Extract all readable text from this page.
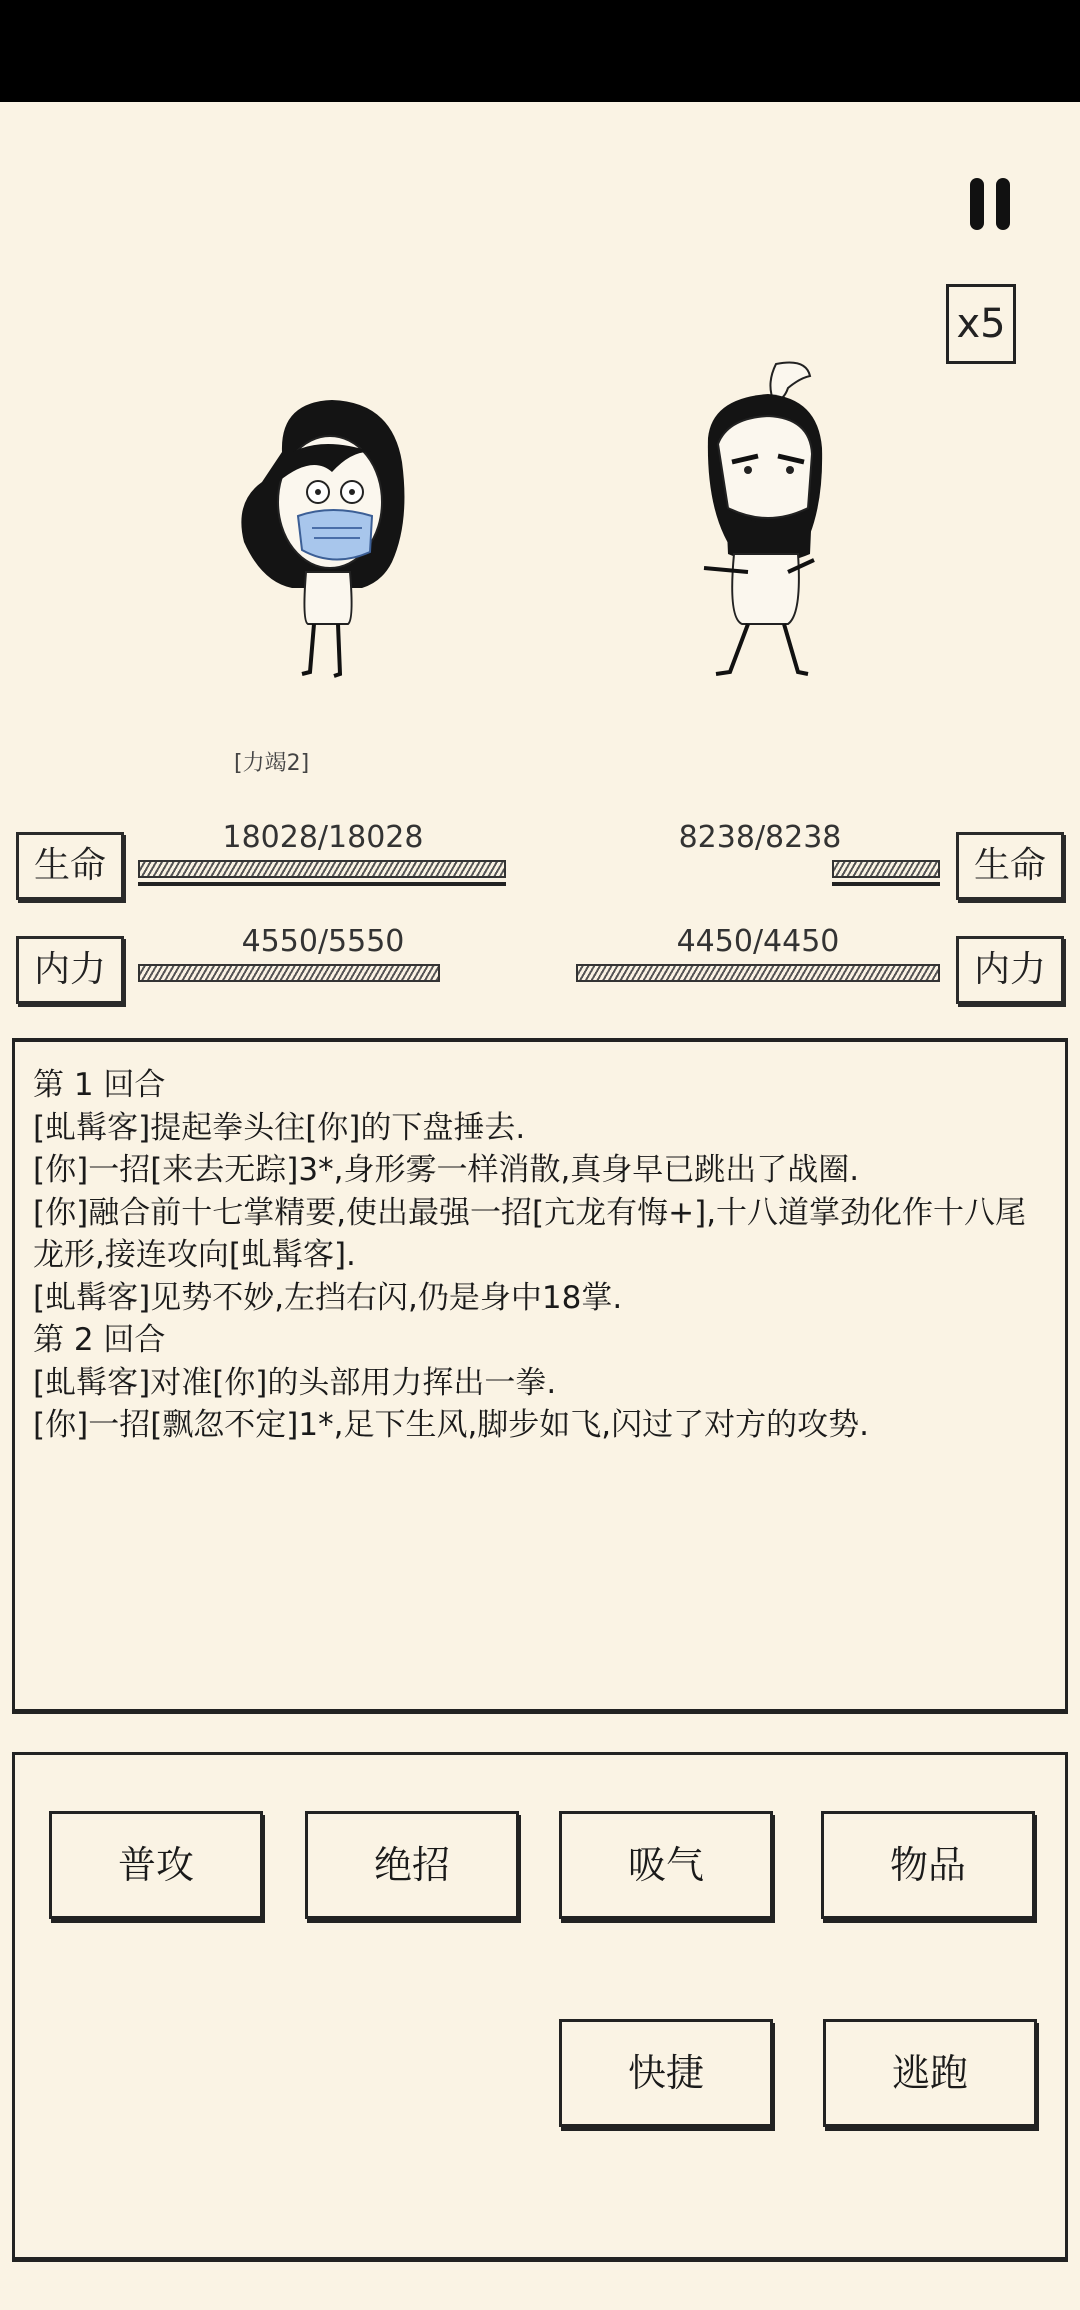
x5
[力竭2]
生命
18028/18028
生命
8238/8238
内力
4550/5550
内力
4450/4450
第 1 回合
[虬髯客]提起拳头往[你]的下盘捶去.
[你]一招[来去无踪]3*,身形雾一样消散,真身早已跳出了战圈.
[你]融合前十七掌精要,使出最强一招[亢龙有悔+],十八道掌劲化作十八尾龙形,接连攻向[虬髯客].
[虬髯客]见势不妙,左挡右闪,仍是身中18掌.
第 2 回合
[虬髯客]对准[你]的头部用力挥出一拳.
[你]一招[飘忽不定]1*,足下生风,脚步如飞,闪过了对方的攻势.
普攻	绝招	吸气	物品
快捷	逃跑
